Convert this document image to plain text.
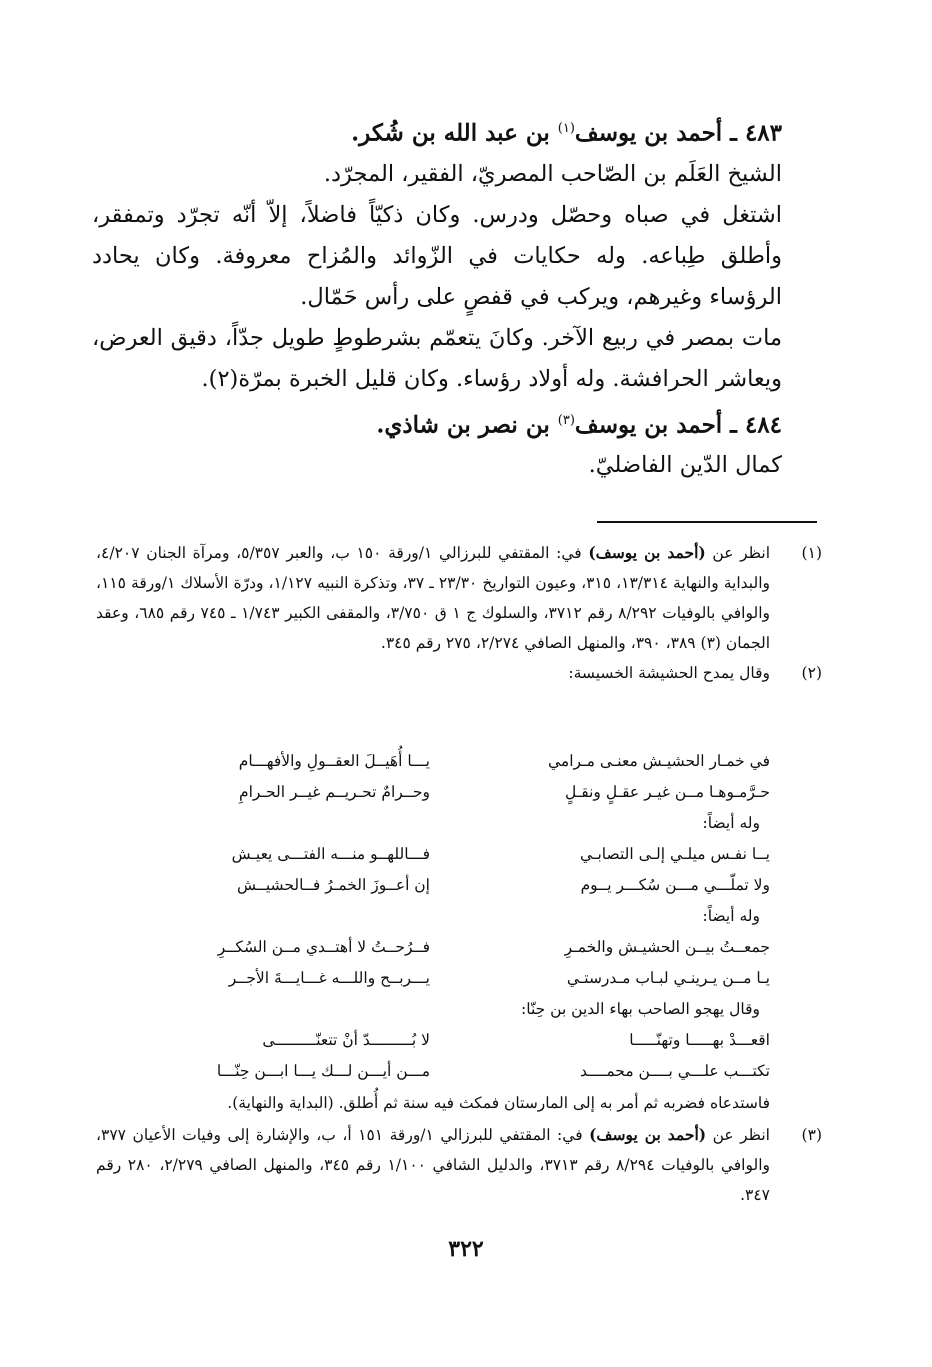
٤٨٣ ـ أحمد بن يوسف$^{(١)}$ بن عبد الله بن شُكر.

الشيخ العَلَم بن الصّاحب المصريّ، الفقير، المجرّد.

اشتغل في صباه وحصّل ودرس. وكان ذكيّاً فاضلاً، إلاّ أنّه تجرّد وتمفقر، وأطلق طِباعه. وله حكايات في الزّوائد والمُزاح معروفة. وكان يحادد الرؤساء وغيرهم، ويركب في قفصٍ على رأس حَمّال.

مات بمصر في ربيع الآخر. وكانَ يتعمّم بشرطوطٍ طويل جدّاً، دقيق العرض، ويعاشر الحرافشة. وله أولاد رؤساء. وكان قليل الخبرة بمرّة(٢).

٤٨٤ ـ أحمد بن يوسف$^{(٣)}$ بن نصر بن شاذي.

كمال الدّين الفاضليّ.

(١)
انظر عن (أحمد بن يوسف) في: المقتفي للبرزالي ١/ورقة ١٥٠ ب، والعبر ٥/٣٥٧، ومرآة الجنان ٤/٢٠٧، والبداية والنهاية ١٣/٣١٤، ٣١٥، وعيون التواريخ ٢٣/٣٠ ـ ٣٧، وتذكرة النبيه ١/١٢٧، ودرّة الأسلاك ١/ورقة ١١٥، والوافي بالوفيات ٨/٢٩٢ رقم ٣٧١٢، والسلوك ج ١ ق ٣/٧٥٠، والمقفى الكبير ١/٧٤٣ ـ ٧٤٥ رقم ٦٨٥، وعقد الجمان (٣) ٣٨٩، ٣٩٠، والمنهل الصافي ٢/٢٧٤، ٢٧٥ رقم ٣٤٥.
(٢)

وقال يمدح الحشيشة الخسيسة:

في خمـار الحشيـش معنـى مـرامي
يـــا أُهَيــلَ العقــولِ والأفهـــام
حـرَّمـوهـا مــن غيـر عقـلٍ ونقـلٍ
وحــرامٌ تحـريــم غيــر الحـرامِ
وله أيضاً:
يــا نفـس ميلـي إلـى التصابـي
فـــاللهــو منـــه الفتـــى يعيـش
ولا تملّـــي مـــن سُكـــر يــوم
إن أعــوزَ الخمـرُ فــالحشيــش
وله أيضاً:
جمعــتُ بيــن الحشيـش والخمـرِ
فــرُحــتُ لا أهتــدي مــن السُكــرِ
يـا مــن يـرينـي لبـاب مـدرستـي
يـــربــح واللـــه غـــايـــةَ الأجــر
وقال يهجو الصاحب بهاء الدين بن حِنّا:
اقعـــدْ بهـــــا وتهنّـــــا
لا بُـــــــــدّ أنْ تتعنّـــــــــى
تكتـــب علـــي بــــن محمــــد
مـــن أيـــن لـــك يـــا ابـــن حِنّـــا
فاستدعاه فضربه ثم أمر به إلى المارستان فمكث فيه سنة ثم أُطلق. (البداية والنهاية).
(٣)
انظر عن (أحمد بن يوسف) في: المقتفي للبرزالي ١/ورقة ١٥١ أ، ب، والإشارة إلى وفيات الأعيان ٣٧٧، والوافي بالوفيات ٨/٢٩٤ رقم ٣٧١٣، والدليل الشافي ١/١٠٠ رقم ٣٤٥، والمنهل الصافي ٢/٢٧٩، ٢٨٠ رقم ٣٤٧.
٣٢٢
